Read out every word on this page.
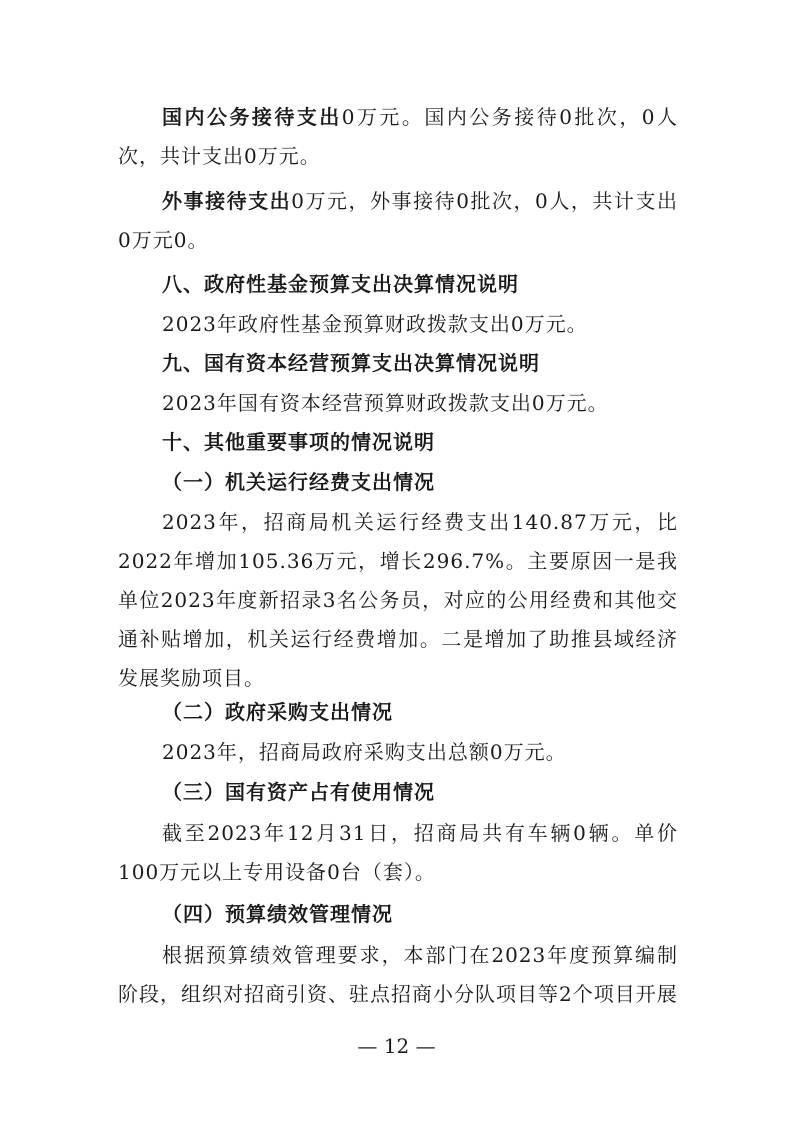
国内公务接待支出0万元。国内公务接待0批次，0人次，共计支出0万元。

外事接待支出0万元，外事接待0批次，0人，共计支出0万元0。

八、政府性基金预算支出决算情况说明

2023年政府性基金预算财政拨款支出0万元。

九、国有资本经营预算支出决算情况说明

2023年国有资本经营预算财政拨款支出0万元。

十、其他重要事项的情况说明

（一）机关运行经费支出情况

2023年，招商局机关运行经费支出140.87万元，比2022年增加105.36万元，增长296.7%。主要原因一是我单位2023年度新招录3名公务员，对应的公用经费和其他交通补贴增加，机关运行经费增加。二是增加了助推县域经济发展奖励项目。

（二）政府采购支出情况

2023年，招商局政府采购支出总额0万元。

（三）国有资产占有使用情况

截至2023年12月31日，招商局共有车辆0辆。单价100万元以上专用设备0台（套）。

（四）预算绩效管理情况

根据预算绩效管理要求，本部门在2023年度预算编制阶段，组织对招商引资、驻点招商小分队项目等2个项目开展

— 12 —
